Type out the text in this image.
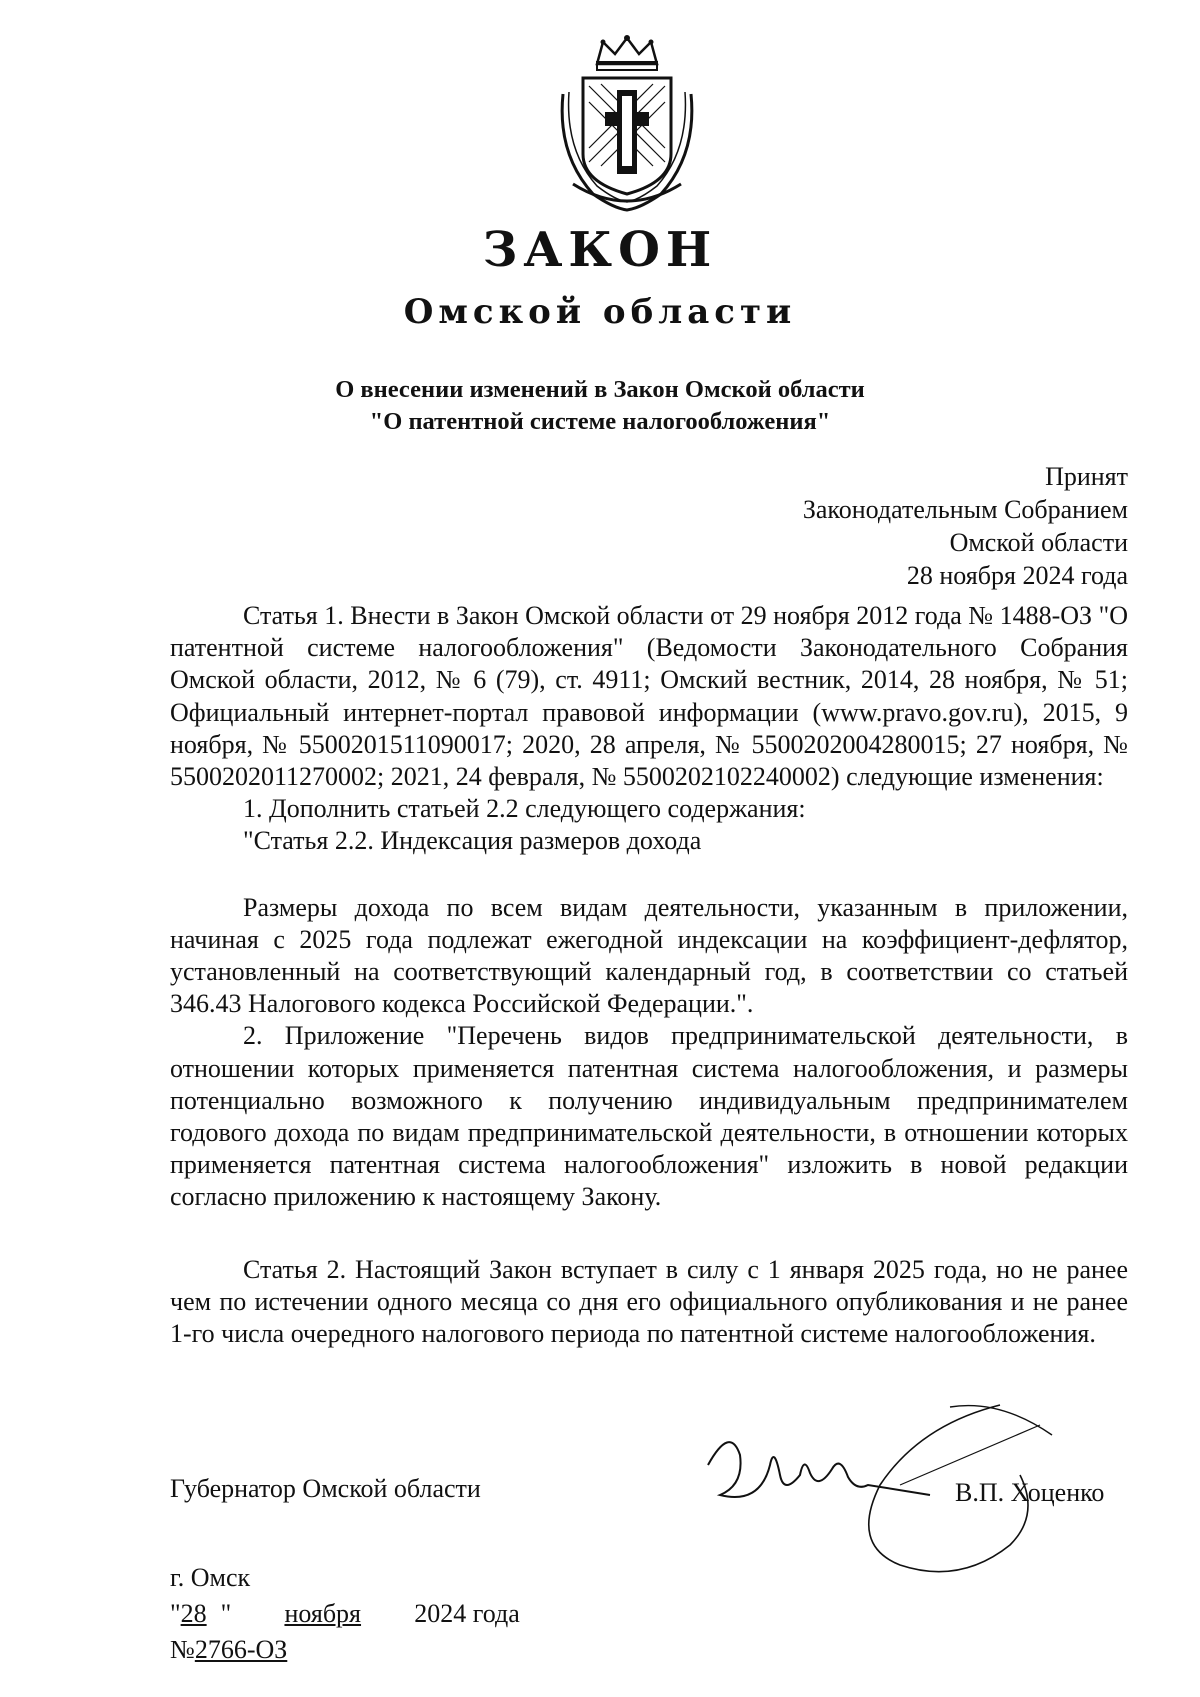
ЗАКОН
Омской области
О внесении изменений в Закон Омской области
"О патентной системе налогообложения"
Принят
Законодательным Собранием
Омской области
28 ноября 2024 года

Статья 1. Внести в Закон Омской области от 29 ноября 2012 года № 1488-ОЗ "О патентной системе налогообложения" (Ведомости Законодательного Собрания Омской области, 2012, № 6 (79), ст. 4911; Омский вестник, 2014, 28 ноября, № 51; Официальный интернет-портал правовой информации (www.pravo.gov.ru), 2015, 9 ноября, № 5500201511090017; 2020, 28 апреля, № 5500202004280015; 27 ноября, № 5500202011270002; 2021, 24 февраля, № 5500202102240002) следующие изменения:

1. Дополнить статьей 2.2 следующего содержания:

"Статья 2.2. Индексация размеров дохода

Размеры дохода по всем видам деятельности, указанным в приложении, начиная с 2025 года подлежат ежегодной индексации на коэффициент-дефлятор, установленный на соответствующий календарный год, в соответствии со статьей 346.43 Налогового кодекса Российской Федерации.".

2. Приложение "Перечень видов предпринимательской деятельности, в отношении которых применяется патентная система налогообложения, и размеры потенциально возможного к получению индивидуальным предпринимателем годового дохода по видам предпринимательской деятельности, в отношении которых применяется патентная система налогообложения" изложить в новой редакции согласно приложению к настоящему Закону.

Статья 2. Настоящий Закон вступает в силу с 1 января 2025 года, но не ранее чем по истечении одного месяца со дня его официального опубликования и не ранее 1-го числа очередного налогового периода по патентной системе налогообложения.

Губернатор Омской области	В.П. Хоценко
г. Омск
"28 " ноября 2024 года
№2766-ОЗ
